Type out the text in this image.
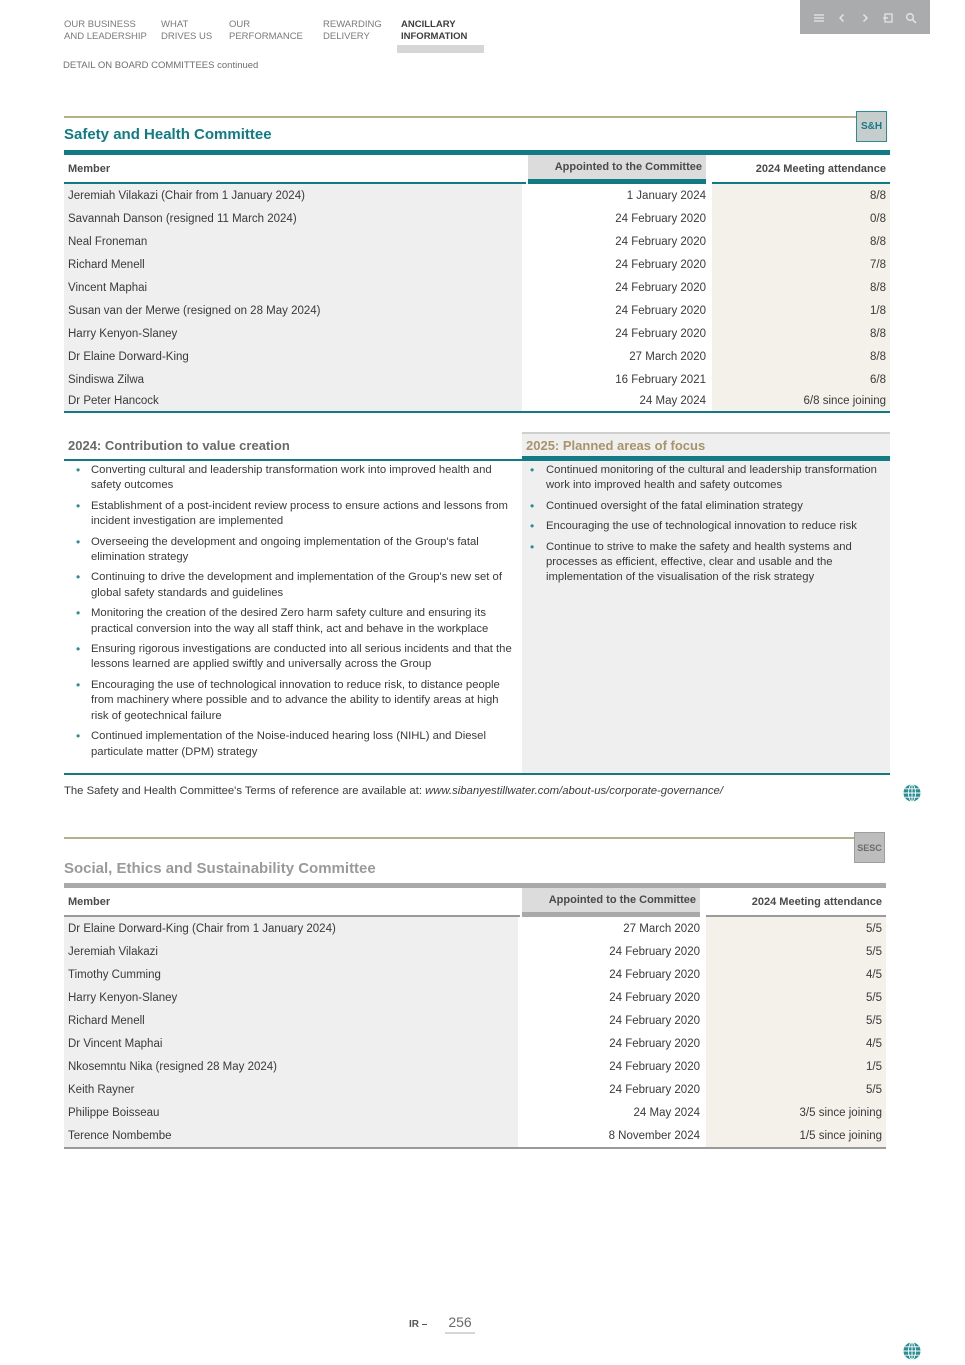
OUR BUSINESS
AND LEADERSHIP
WHAT
DRIVES US
OUR
PERFORMANCE
REWARDING
DELIVERY
ANCILLARY
INFORMATION
DETAIL ON BOARD COMMITTEES continued
S&H
Safety and Health Committee
Member	Appointed to the Committee	2024 Meeting attendance
Jeremiah Vilakazi (Chair from 1 January 2024)	1 January 2024	8/8
Savannah Danson (resigned 11 March 2024)	24 February 2020	0/8
Neal Froneman	24 February 2020	8/8
Richard Menell	24 February 2020	7/8
Vincent Maphai	24 February 2020	8/8
Susan van der Merwe (resigned on 28 May 2024)	24 February 2020	1/8
Harry Kenyon-Slaney	24 February 2020	8/8
Dr Elaine Dorward-King	27 March 2020	8/8
Sindiswa Zilwa	16 February 2021	6/8
Dr Peter Hancock	24 May 2024	6/8 since joining
2024: Contribution to value creation
• Converting cultural and leadership transformation work into improved health and safety outcomes
• Establishment of a post-incident review process to ensure actions and lessons from incident investigation are implemented
• Overseeing the development and ongoing implementation of the Group's fatal elimination strategy
• Continuing to drive the development and implementation of the Group's new set of global safety standards and guidelines
• Monitoring the creation of the desired Zero harm safety culture and ensuring its practical conversion into the way all staff think, act and behave in the workplace
• Ensuring rigorous investigations are conducted into all serious incidents and that the lessons learned are applied swiftly and universally across the Group
• Encouraging the use of technological innovation to reduce risk, to distance people from machinery where possible and to advance the ability to identify areas at high risk of geotechnical failure
• Continued implementation of the Noise-induced hearing loss (NIHL) and Diesel particulate matter (DPM) strategy
2025: Planned areas of focus
• Continued monitoring of the cultural and leadership transformation work into improved health and safety outcomes
• Continued oversight of the fatal elimination strategy
• Encouraging the use of technological innovation to reduce risk
• Continue to strive to make the safety and health systems and processes as efficient, effective, clear and usable and the implementation of the visualisation of the risk strategy

The Safety and Health Committee's Terms of reference are available at: www.sibanyestillwater.com/about-us/corporate-governance/

SESC
Social, Ethics and Sustainability Committee
Member	Appointed to the Committee	2024 Meeting attendance
Dr Elaine Dorward-King (Chair from 1 January 2024)	27 March 2020	5/5
Jeremiah Vilakazi	24 February 2020	5/5
Timothy Cumming	24 February 2020	4/5
Harry Kenyon-Slaney	24 February 2020	5/5
Richard Menell	24 February 2020	5/5
Dr Vincent Maphai	24 February 2020	4/5
Nkosemntu Nika (resigned 28 May 2024)	24 February 2020	1/5
Keith Rayner	24 February 2020	5/5
Philippe Boisseau	24 May 2024	3/5 since joining
Terence Nombembe	8 November 2024	1/5 since joining
IR – 256
